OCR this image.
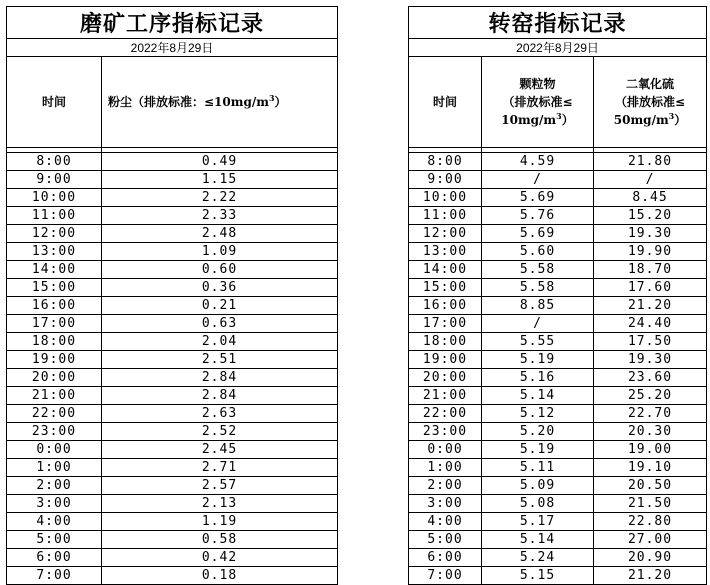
磨矿工序指标记录	
2022年8月29日	
时间	粉尘（排放标准：$\le 10mg/m^3$）

8:00	0.49
9:00	1.15
10:00	2.22
11:00	2.33
12:00	2.48
13:00	1.09
14:00	0.60
15:00	0.36
16:00	0.21
17:00	0.63
18:00	2.04
19:00	2.51
20:00	2.84
21:00	2.84
22:00	2.63
23:00	2.52
0:00	2.45
1:00	2.71
2:00	2.57
3:00	2.13
4:00	1.19
5:00	0.58
6:00	0.42
7:00	0.18
转窑指标记录		
2022年8月29日		
时间	颗粒物
（排放标准≤
$10mg/m^3$）	二氧化硫
（排放标准≤
$50mg/m^3$）

8:00	4.59	21.80
9:00	/	/
10:00	5.69	8.45
11:00	5.76	15.20
12:00	5.69	19.30
13:00	5.60	19.90
14:00	5.58	18.70
15:00	5.58	17.60
16:00	8.85	21.20
17:00	/	24.40
18:00	5.55	17.50
19:00	5.19	19.30
20:00	5.16	23.60
21:00	5.14	25.20
22:00	5.12	22.70
23:00	5.20	20.30
0:00	5.19	19.00
1:00	5.11	19.10
2:00	5.09	20.50
3:00	5.08	21.50
4:00	5.17	22.80
5:00	5.14	27.00
6:00	5.24	20.90
7:00	5.15	21.20
